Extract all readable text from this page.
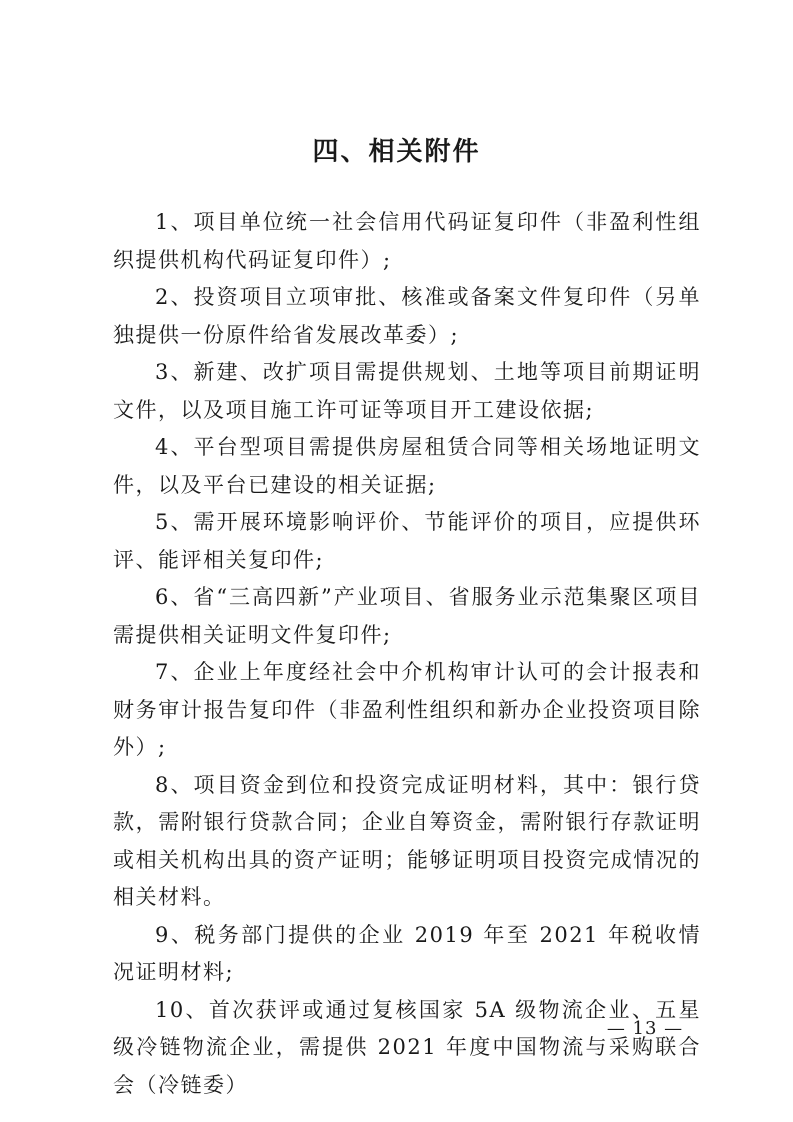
四、相关附件

1、项目单位统一社会信用代码证复印件（非盈利性组织提供机构代码证复印件）;

2、投资项目立项审批、核准或备案文件复印件（另单独提供一份原件给省发展改革委）;

3、新建、改扩项目需提供规划、土地等项目前期证明文件，以及项目施工许可证等项目开工建设依据;

4、平台型项目需提供房屋租赁合同等相关场地证明文件，以及平台已建设的相关证据;

5、需开展环境影响评价、节能评价的项目，应提供环评、能评相关复印件;

6、省“三高四新”产业项目、省服务业示范集聚区项目需提供相关证明文件复印件;

7、企业上年度经社会中介机构审计认可的会计报表和财务审计报告复印件（非盈利性组织和新办企业投资项目除外）;

8、项目资金到位和投资完成证明材料，其中：银行贷款，需附银行贷款合同；企业自筹资金，需附银行存款证明或相关机构出具的资产证明；能够证明项目投资完成情况的相关材料。

9、税务部门提供的企业 2019 年至 2021 年税收情况证明材料;

10、首次获评或通过复核国家 5A 级物流企业、五星级冷链物流企业，需提供 2021 年度中国物流与采购联合会（冷链委）

— 13 —
